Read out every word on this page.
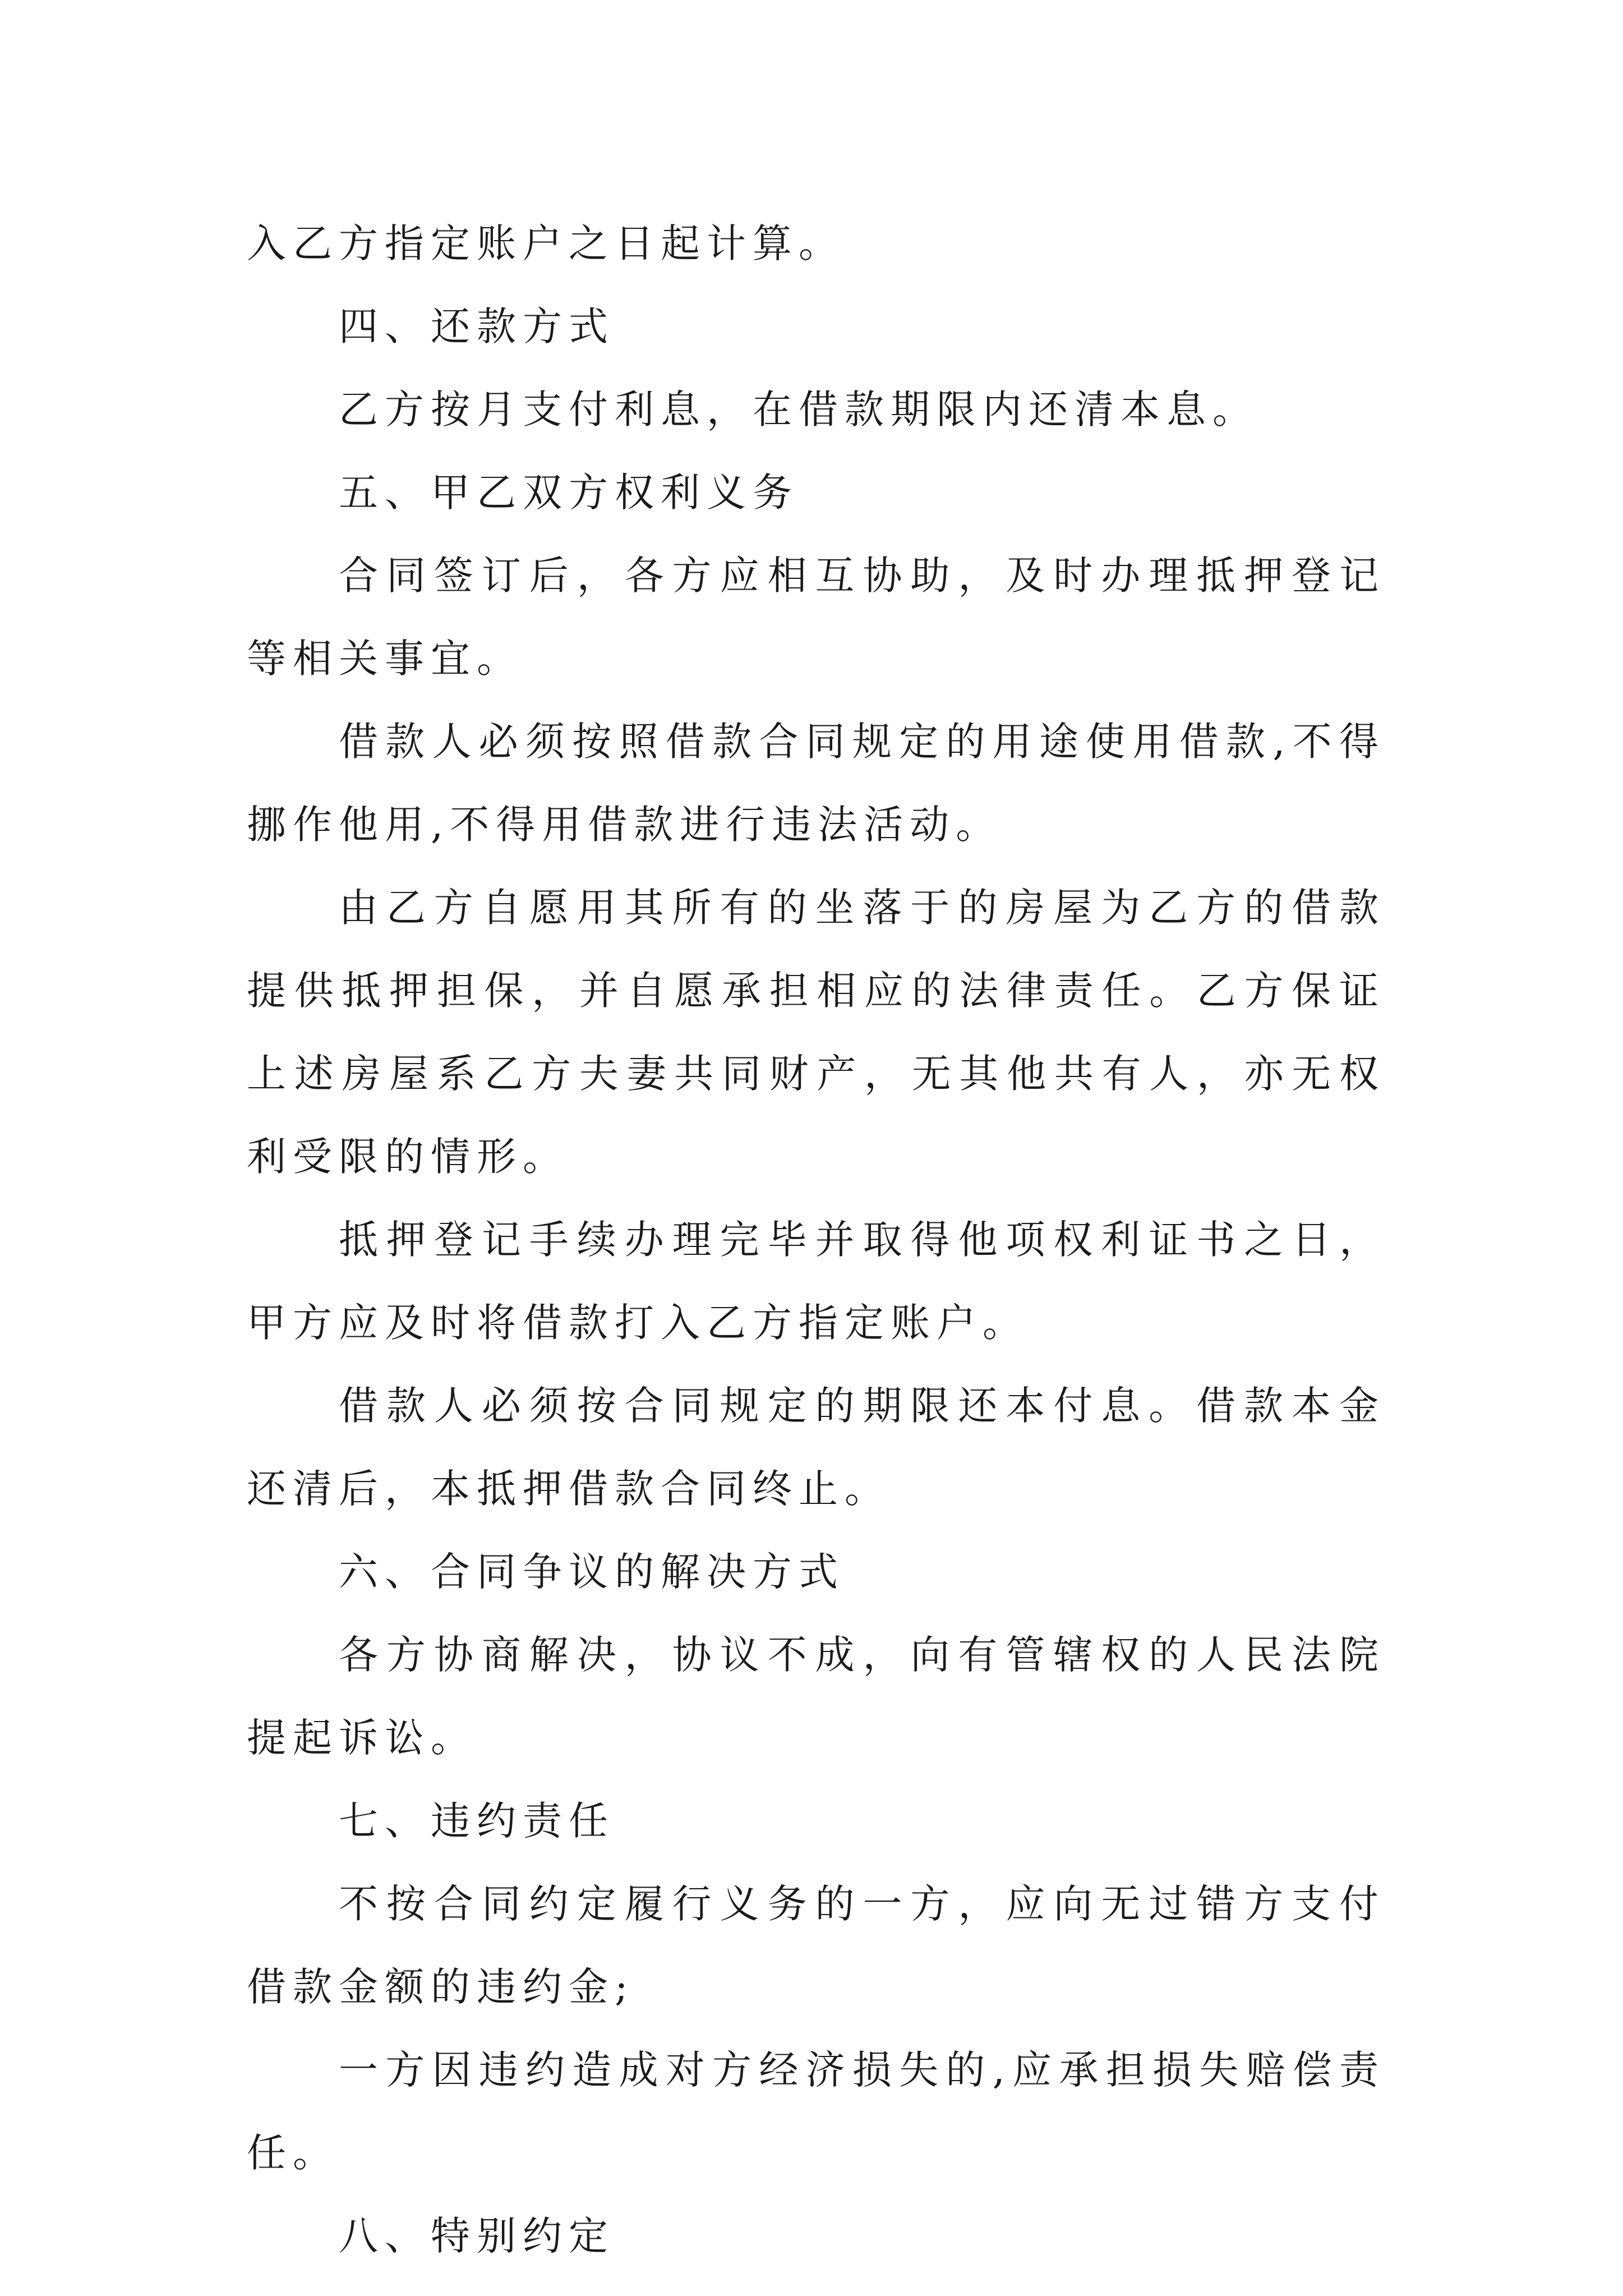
入乙方指定账户之日起计算。

四、还款方式

乙方按月支付利息，在借款期限内还清本息。

五、甲乙双方权利义务

合同签订后，各方应相互协助，及时办理抵押登记等相关事宜。

借款人必须按照借款合同规定的用途使用借款,不得挪作他用,不得用借款进行违法活动。

由乙方自愿用其所有的坐落于的房屋为乙方的借款提供抵押担保，并自愿承担相应的法律责任。乙方保证上述房屋系乙方夫妻共同财产，无其他共有人，亦无权利受限的情形。

抵押登记手续办理完毕并取得他项权利证书之日，甲方应及时将借款打入乙方指定账户。

借款人必须按合同规定的期限还本付息。借款本金还清后，本抵押借款合同终止。

六、合同争议的解决方式

各方协商解决，协议不成，向有管辖权的人民法院提起诉讼。

七、违约责任

不按合同约定履行义务的一方，应向无过错方支付借款金额的违约金;

一方因违约造成对方经济损失的,应承担损失赔偿责任。

八、特别约定
